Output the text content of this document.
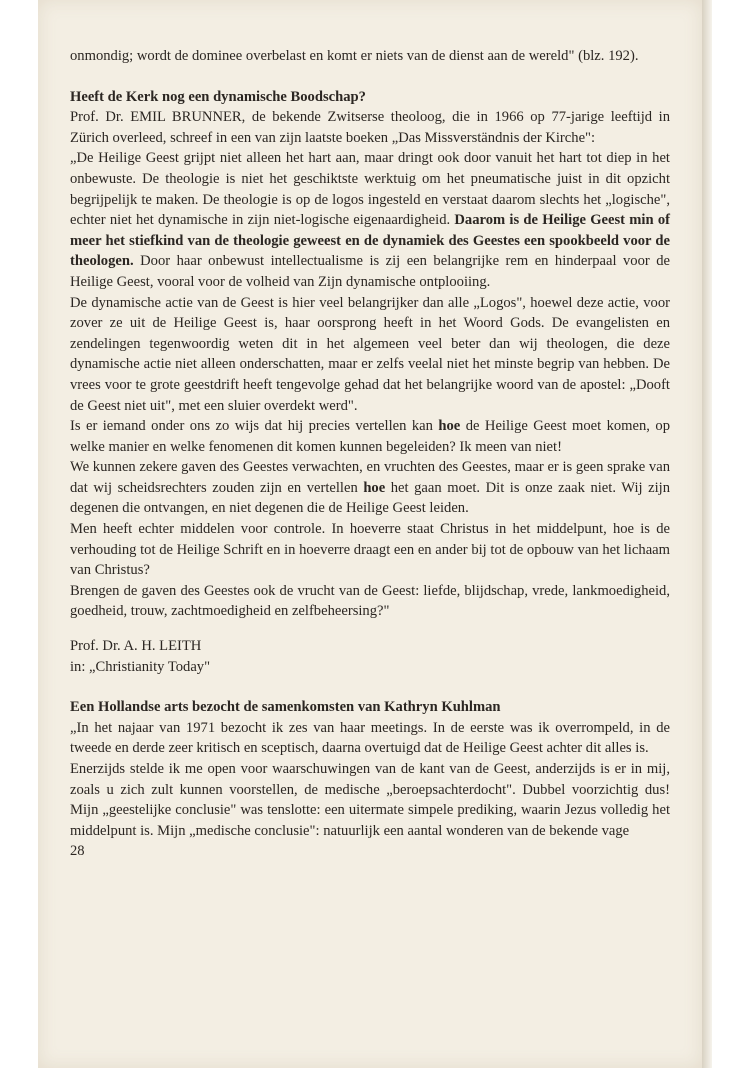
onmondig; wordt de dominee overbelast en komt er niets van de dienst aan de wereld" (blz. 192).

Heeft de Kerk nog een dynamische Boodschap?

Prof. Dr. EMIL BRUNNER, de bekende Zwitserse theoloog, die in 1966 op 77-jarige leeftijd in Zürich overleed, schreef in een van zijn laatste boeken „Das Missverständnis der Kirche":

„De Heilige Geest grijpt niet alleen het hart aan, maar dringt ook door vanuit het hart tot diep in het onbewuste. De theologie is niet het geschiktste werktuig om het pneumatische juist in dit opzicht begrijpelijk te maken. De theologie is op de logos ingesteld en verstaat daarom slechts het „logische", echter niet het dynamische in zijn niet-logische eigenaardigheid. Daarom is de Heilige Geest min of meer het stiefkind van de theologie geweest en de dynamiek des Geestes een spookbeeld voor de theologen. Door haar onbewust intellectualisme is zij een belangrijke rem en hinderpaal voor de Heilige Geest, vooral voor de volheid van Zijn dynamische ontplooiing.

De dynamische actie van de Geest is hier veel belangrijker dan alle „Logos", hoewel deze actie, voor zover ze uit de Heilige Geest is, haar oorsprong heeft in het Woord Gods. De evangelisten en zendelingen tegenwoordig weten dit in het algemeen veel beter dan wij theologen, die deze dynamische actie niet alleen onderschatten, maar er zelfs veelal niet het minste begrip van hebben. De vrees voor te grote geestdrift heeft tengevolge gehad dat het belangrijke woord van de apostel: „Dooft de Geest niet uit", met een sluier overdekt werd".

Is er iemand onder ons zo wijs dat hij precies vertellen kan hoe de Heilige Geest moet komen, op welke manier en welke fenomenen dit komen kunnen begeleiden? Ik meen van niet!

We kunnen zekere gaven des Geestes verwachten, en vruchten des Geestes, maar er is geen sprake van dat wij scheidsrechters zouden zijn en vertellen hoe het gaan moet. Dit is onze zaak niet. Wij zijn degenen die ontvangen, en niet degenen die de Heilige Geest leiden.

Men heeft echter middelen voor controle. In hoeverre staat Christus in het middelpunt, hoe is de verhouding tot de Heilige Schrift en in hoeverre draagt een en ander bij tot de opbouw van het lichaam van Christus?

Brengen de gaven des Geestes ook de vrucht van de Geest: liefde, blijdschap, vrede, lankmoedigheid, goedheid, trouw, zachtmoedigheid en zelfbeheersing?"

Prof. Dr. A. H. LEITH

in: „Christianity Today"

Een Hollandse arts bezocht de samenkomsten van Kathryn Kuhlman

„In het najaar van 1971 bezocht ik zes van haar meetings. In de eerste was ik overrompeld, in de tweede en derde zeer kritisch en sceptisch, daarna overtuigd dat de Heilige Geest achter dit alles is.

Enerzijds stelde ik me open voor waarschuwingen van de kant van de Geest, anderzijds is er in mij, zoals u zich zult kunnen voorstellen, de medische „beroepsachterdocht". Dubbel voorzichtig dus! Mijn „geestelijke conclusie" was tenslotte: een uitermate simpele prediking, waarin Jezus volledig het middelpunt is. Mijn „medische conclusie": natuurlijk een aantal wonderen van de bekende vage

28
